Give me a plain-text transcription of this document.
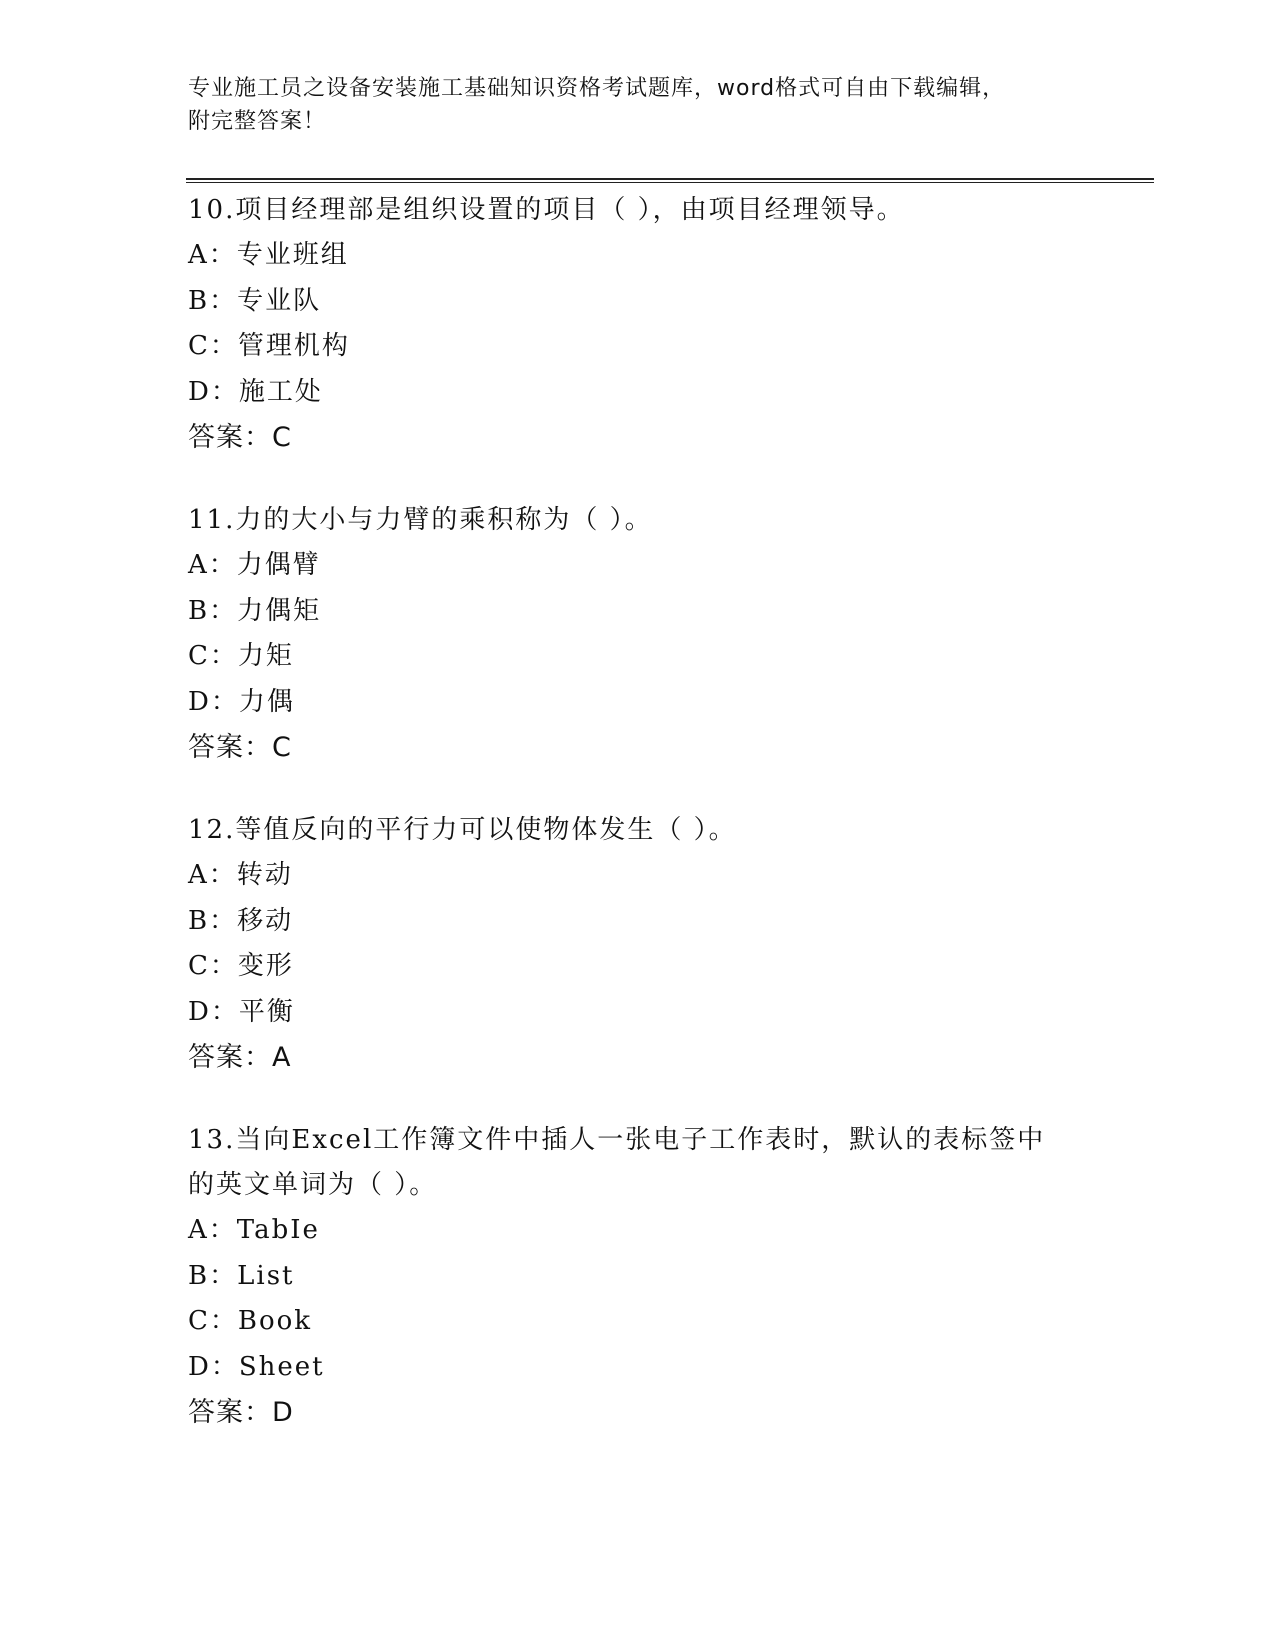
专业施工员之设备安装施工基础知识资格考试题库，word格式可自由下载编辑，
附完整答案！
10.项目经理部是组织设置的项目（ ），由项目经理领导。
A：专业班组
B：专业队
C：管理机构
D：施工处
答案：C
11.力的大小与力臂的乘积称为（ ）。
A：力偶臂
B：力偶矩
C：力矩
D：力偶
答案：C
12.等值反向的平行力可以使物体发生（ ）。
A：转动
B：移动
C：变形
D：平衡
答案：A
13.当向Excel工作簿文件中插人一张电子工作表时，默认的表标签中
的英文单词为（ ）。
A：TabIe
B：List
C：Book
D：Sheet
答案：D
